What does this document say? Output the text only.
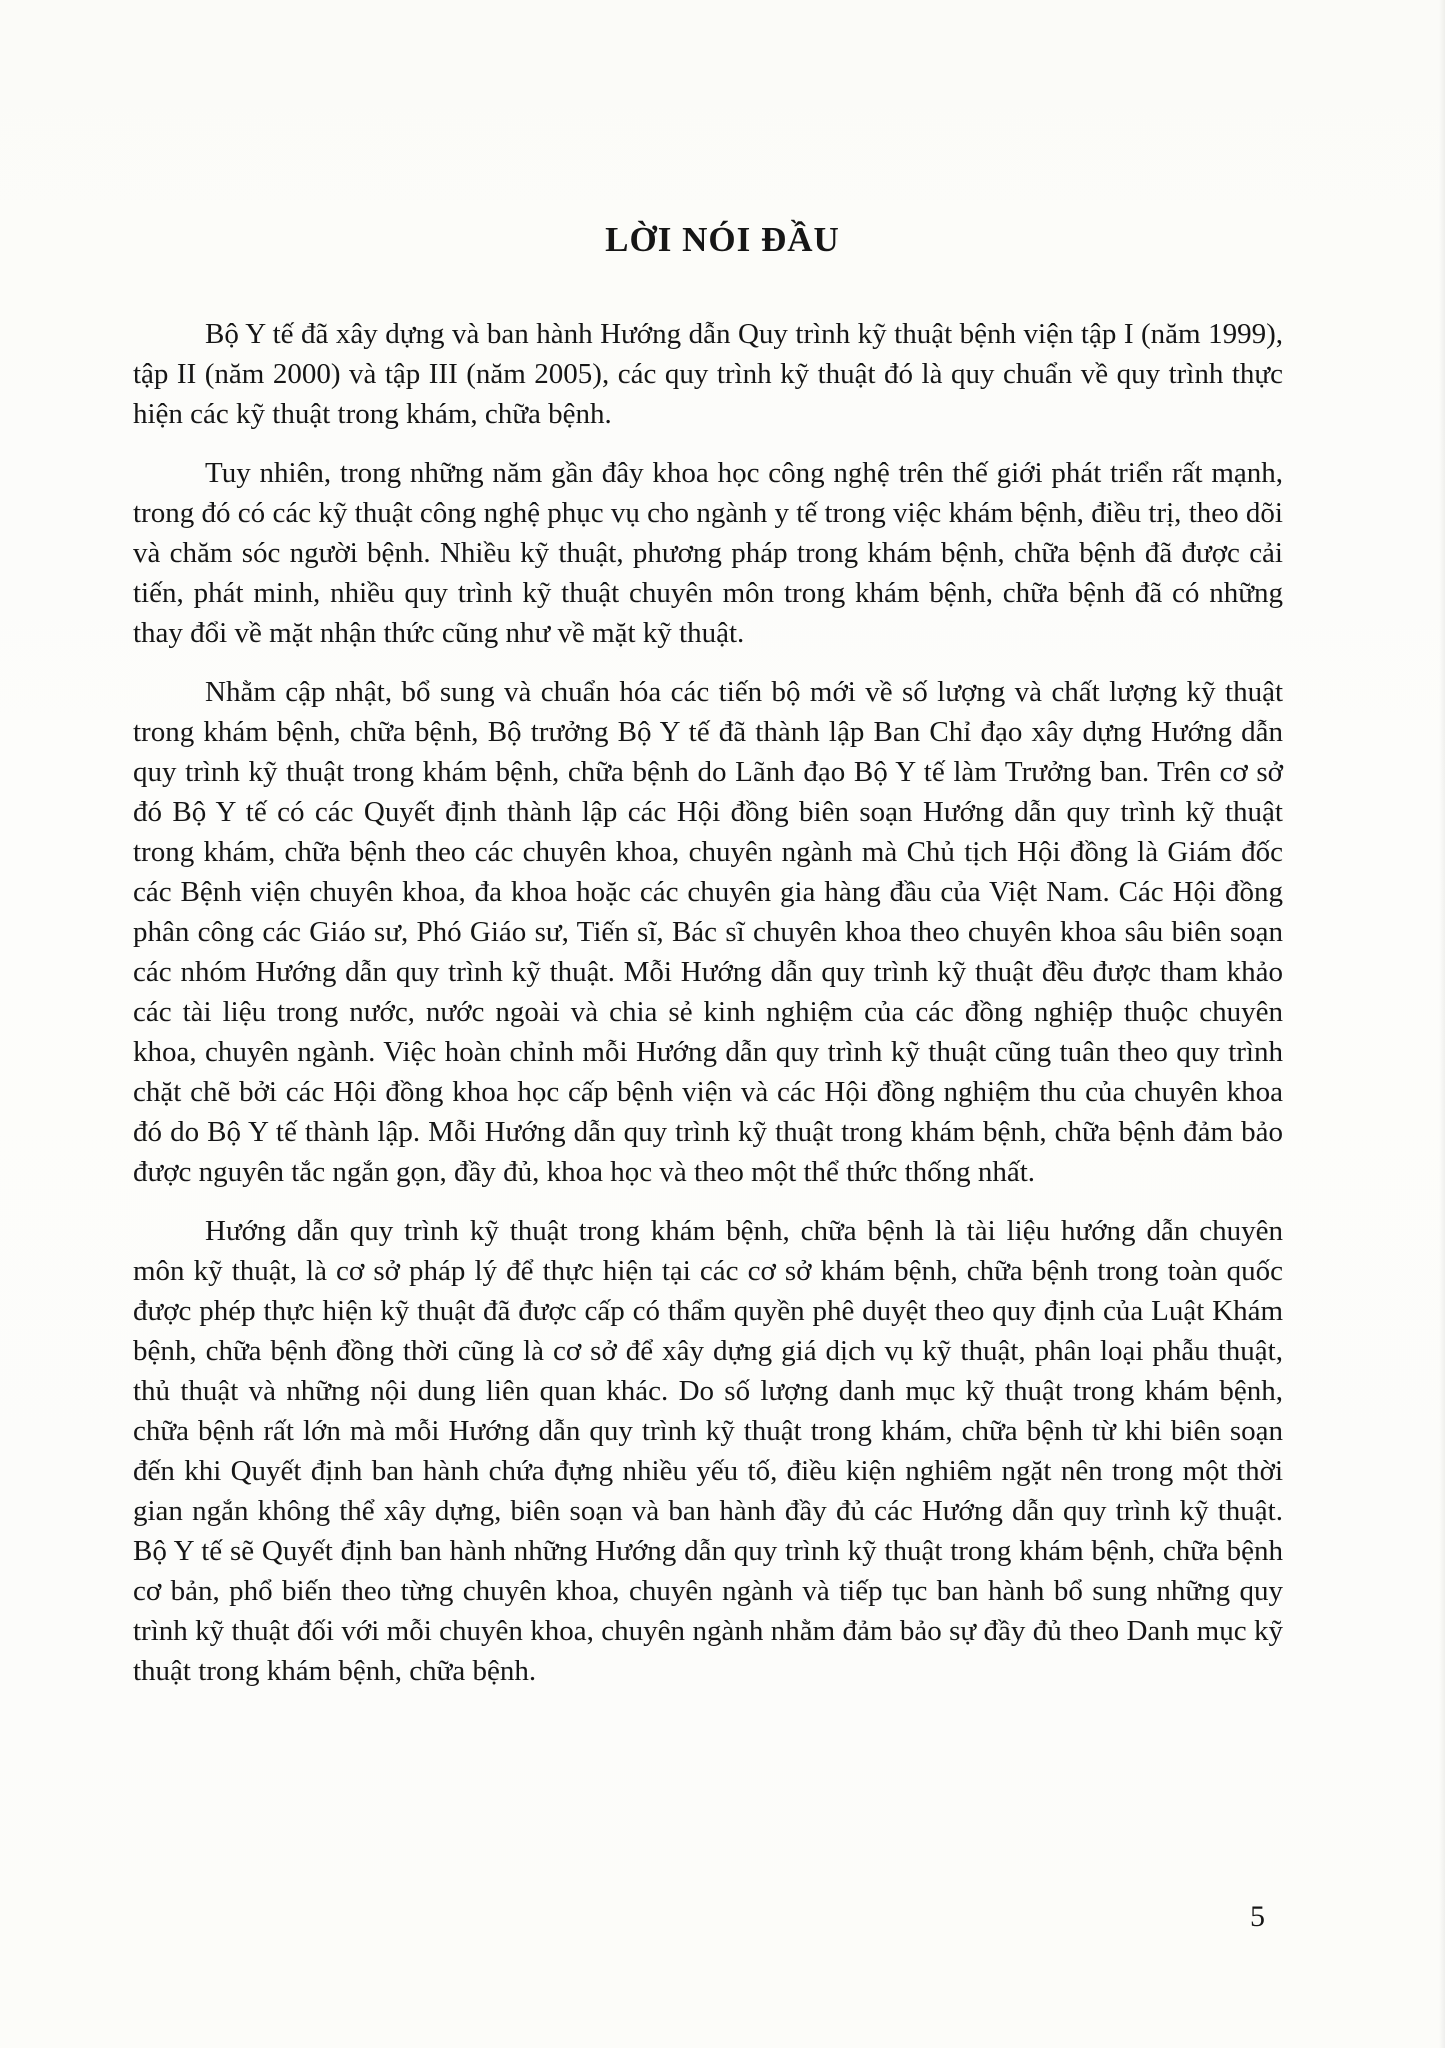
LỜI NÓI ĐẦU

Bộ Y tế đã xây dựng và ban hành Hướng dẫn Quy trình kỹ thuật bệnh viện tập I (năm 1999), tập II (năm 2000) và tập III (năm 2005), các quy trình kỹ thuật đó là quy chuẩn về quy trình thực hiện các kỹ thuật trong khám, chữa bệnh.

Tuy nhiên, trong những năm gần đây khoa học công nghệ trên thế giới phát triển rất mạnh, trong đó có các kỹ thuật công nghệ phục vụ cho ngành y tế trong việc khám bệnh, điều trị, theo dõi và chăm sóc người bệnh. Nhiều kỹ thuật, phương pháp trong khám bệnh, chữa bệnh đã được cải tiến, phát minh, nhiều quy trình kỹ thuật chuyên môn trong khám bệnh, chữa bệnh đã có những thay đổi về mặt nhận thức cũng như về mặt kỹ thuật.

Nhằm cập nhật, bổ sung và chuẩn hóa các tiến bộ mới về số lượng và chất lượng kỹ thuật trong khám bệnh, chữa bệnh, Bộ trưởng Bộ Y tế đã thành lập Ban Chỉ đạo xây dựng Hướng dẫn quy trình kỹ thuật trong khám bệnh, chữa bệnh do Lãnh đạo Bộ Y tế làm Trưởng ban. Trên cơ sở đó Bộ Y tế có các Quyết định thành lập các Hội đồng biên soạn Hướng dẫn quy trình kỹ thuật trong khám, chữa bệnh theo các chuyên khoa, chuyên ngành mà Chủ tịch Hội đồng là Giám đốc các Bệnh viện chuyên khoa, đa khoa hoặc các chuyên gia hàng đầu của Việt Nam. Các Hội đồng phân công các Giáo sư, Phó Giáo sư, Tiến sĩ, Bác sĩ chuyên khoa theo chuyên khoa sâu biên soạn các nhóm Hướng dẫn quy trình kỹ thuật. Mỗi Hướng dẫn quy trình kỹ thuật đều được tham khảo các tài liệu trong nước, nước ngoài và chia sẻ kinh nghiệm của các đồng nghiệp thuộc chuyên khoa, chuyên ngành. Việc hoàn chỉnh mỗi Hướng dẫn quy trình kỹ thuật cũng tuân theo quy trình chặt chẽ bởi các Hội đồng khoa học cấp bệnh viện và các Hội đồng nghiệm thu của chuyên khoa đó do Bộ Y tế thành lập. Mỗi Hướng dẫn quy trình kỹ thuật trong khám bệnh, chữa bệnh đảm bảo được nguyên tắc ngắn gọn, đầy đủ, khoa học và theo một thể thức thống nhất.

Hướng dẫn quy trình kỹ thuật trong khám bệnh, chữa bệnh là tài liệu hướng dẫn chuyên môn kỹ thuật, là cơ sở pháp lý để thực hiện tại các cơ sở khám bệnh, chữa bệnh trong toàn quốc được phép thực hiện kỹ thuật đã được cấp có thẩm quyền phê duyệt theo quy định của Luật Khám bệnh, chữa bệnh đồng thời cũng là cơ sở để xây dựng giá dịch vụ kỹ thuật, phân loại phẫu thuật, thủ thuật và những nội dung liên quan khác. Do số lượng danh mục kỹ thuật trong khám bệnh, chữa bệnh rất lớn mà mỗi Hướng dẫn quy trình kỹ thuật trong khám, chữa bệnh từ khi biên soạn đến khi Quyết định ban hành chứa đựng nhiều yếu tố, điều kiện nghiêm ngặt nên trong một thời gian ngắn không thể xây dựng, biên soạn và ban hành đầy đủ các Hướng dẫn quy trình kỹ thuật. Bộ Y tế sẽ Quyết định ban hành những Hướng dẫn quy trình kỹ thuật trong khám bệnh, chữa bệnh cơ bản, phổ biến theo từng chuyên khoa, chuyên ngành và tiếp tục ban hành bổ sung những quy trình kỹ thuật đối với mỗi chuyên khoa, chuyên ngành nhằm đảm bảo sự đầy đủ theo Danh mục kỹ thuật trong khám bệnh, chữa bệnh.

5
